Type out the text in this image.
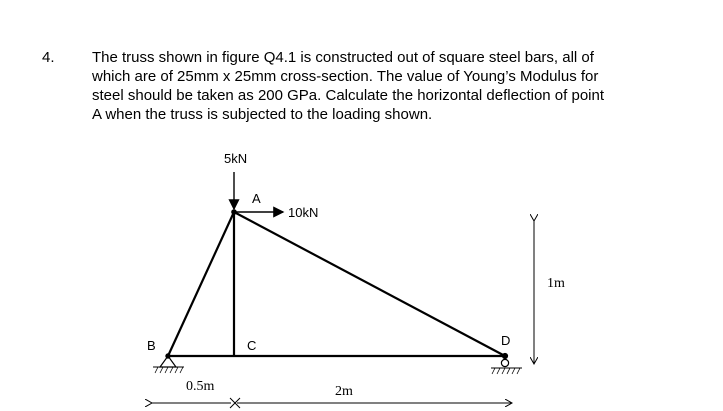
4. The truss shown in figure Q4.1 is constructed out of square steel bars, all of
which are of 25mm x 25mm cross-section. The value of Young’s Modulus for
steel should be taken as 200 GPa. Calculate the horizontal deflection of point
A when the truss is subjected to the loading shown.
5kN
10kN
A
B	C	D
1m
0.5m	2m
